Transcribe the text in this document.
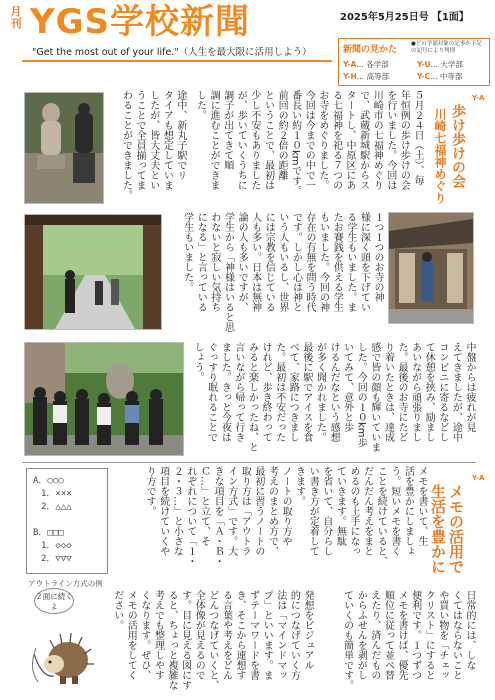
月
刊 YGS学校新聞	2025年5月25日号 【1面】
"Get the most out of your life."（人生を最大限に活用しよう）	新聞の見かた
●どの学部対象の記事か下記の記号により判別
Y-A… 各学部	Y-U… 大学部
Y-H… 高等部	Y-C… 中等部
Y-A
歩け歩けの会
川崎七福神めぐり
５月２４日（土）、毎
年恒例の歩け歩けの会
を行いました。今回は
川崎市の七福神めぐり
で、武蔵新城駅からス
タートし、中原区にあ
る七福神を祀る７つの
お寺をめぐりました。
今回は今までの中で一
番長い約１０kmです。
前回の約２倍の距離
ということで、最初は
少し不安もありました
が、歩いていくうちに
調子が出てきて順
調に進むことができま
した。
途中、新丸子駅でリ
タイアも想定していま
したが、皆大丈夫とい
うことで全員揃ってま
わることができました。
１つ１つのお寺の神
様に深く頭を下げてい
る学生もいました。ま
たお賽銭を供える学生
もいました。今回の神
存在の有無を問う時代
です。しかし心は神と
いう人もいるし、世界
には宗教を信じている
人も多い。日本は無神
論の人も多いですが、
学生から「神様はいると思
わないと寂しい気持ち
になる」と言っている
学生もいました。
中盤からは疲れが見
えてきましたが、途中
コンビニに寄るなどし
て休憩を挟み、励まし
あいながら頑張りまし
た。最後のお寺にたど
り着いたときは、達成
感で皆の顔も輝いていま
した。今回の１０km歩
いてみて、意外と歩
けるんだなという感想
が多く聞かれました。
最後に駅でアイスを食
べて、家路につきまし
た。最初は不安だった
けれど、歩き終わって
みると楽しかったね、と
言いながら帰って行き
ました。きっと今夜は
ぐっすり眠れることで
しょう。
Y-A
メモの活用で
生活を豊かに
A．○○○
1．×××
2．△△△
B．□□□
1．◇◇◇
2．▽▽▽
アウトライン方式の例
メモを書いて、生
活を豊かにしましょ
う。短いメモを書く
ことを続けていると、
だんだん考えをまと
めるのも上手になっ
ていきます。無駄
を省いて、自分らし
い書き方が定着して
きます。
ノートの取り方や
考えのまとめ方で、
最初に習うノートの
取り方は「アウトラ
イン方式」です。大
きな項目を「Ａ・Ｂ・
Ｃ…」と立て、そ
れぞれについて「１・
２・３…」と小さな
項目を続けていくや
り方です。
２面に続くよ	発想をビジュアル
的につなげていく方
法は「マインドマッ
プ」といいます。ま
ずテーマワードを書
き、そこから連想す
る言葉や考えをどん
どんつなげていくと、
全体像が見えるので
す。目に見える図にす
ると、ちょっと複雑な
考えでも整理しやす
くなります。ぜひ、
メモの活用をしてく
ださい。	日常的には、しな
くてはならないこと
や買い物を「チェッ
クリスト」にすると
便利です。１つずつ
メモを書けば、優先
順位に従って並べ替
えたり、済んだもの
からふせんを剥がし
ていくのも簡単です。
